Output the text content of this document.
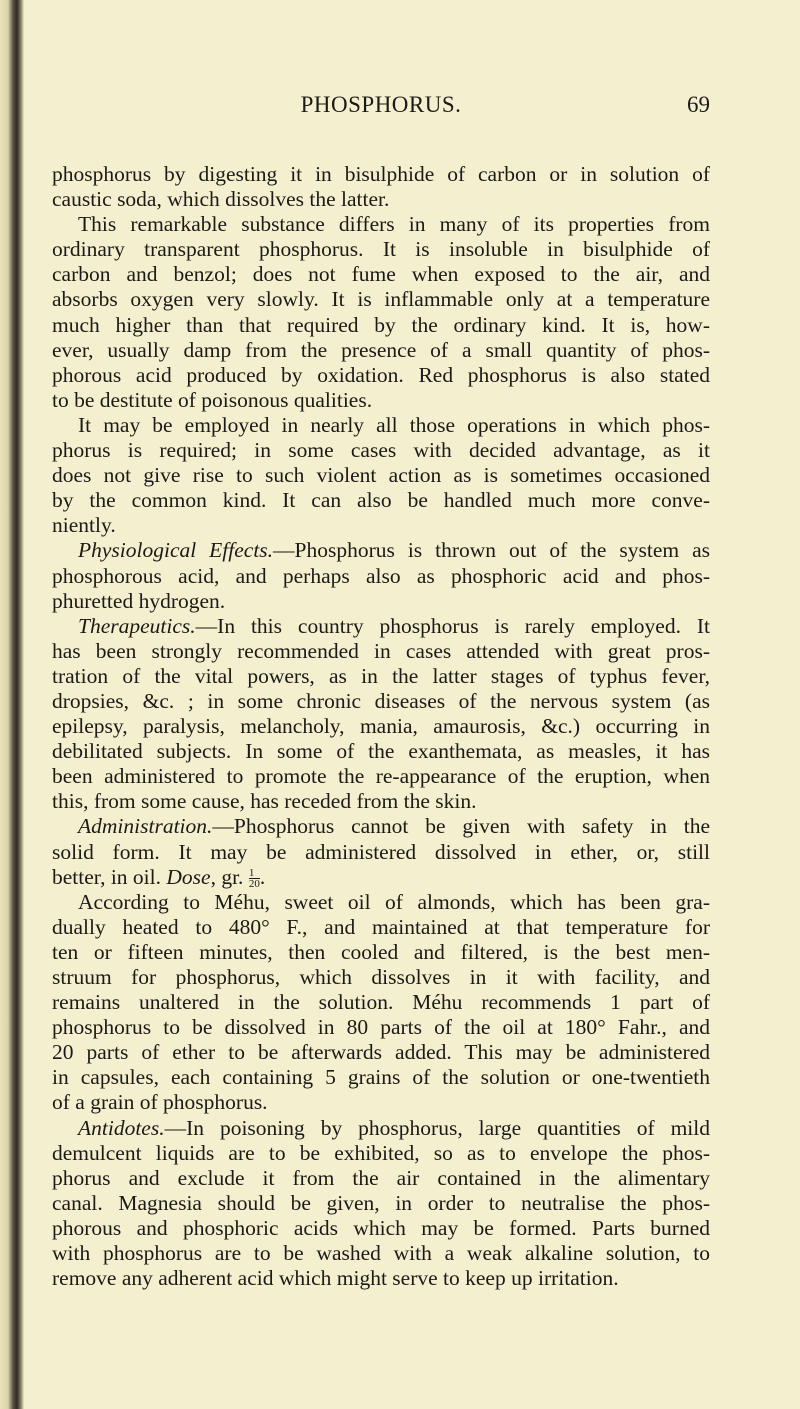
PHOSPHORUS.	69
phosphorus by digesting it in bisulphide of carbon or in solution of
caustic soda, which dissolves the latter.
This remarkable substance differs in many of its properties from
ordinary transparent phosphorus. It is insoluble in bisulphide of
carbon and benzol; does not fume when exposed to the air, and
absorbs oxygen very slowly. It is inflammable only at a temperature
much higher than that required by the ordinary kind. It is, how-
ever, usually damp from the presence of a small quantity of phos-
phorous acid produced by oxidation. Red phosphorus is also stated
to be destitute of poisonous qualities.
It may be employed in nearly all those operations in which phos-
phorus is required; in some cases with decided advantage, as it
does not give rise to such violent action as is sometimes occasioned
by the common kind. It can also be handled much more conve-
niently.
Physiological Effects.—Phosphorus is thrown out of the system as
phosphorous acid, and perhaps also as phosphoric acid and phos-
phuretted hydrogen.
Therapeutics.—In this country phosphorus is rarely employed. It
has been strongly recommended in cases attended with great pros-
tration of the vital powers, as in the latter stages of typhus fever,
dropsies, &c. ; in some chronic diseases of the nervous system (as
epilepsy, paralysis, melancholy, mania, amaurosis, &c.) occurring in
debilitated subjects. In some of the exanthemata, as measles, it has
been administered to promote the re-appearance of the eruption, when
this, from some cause, has receded from the skin.
Administration.—Phosphorus cannot be given with safety in the
solid form. It may be administered dissolved in ether, or, still
better, in oil. Dose, gr. $\frac{1}{20}$ .
According to Méhu, sweet oil of almonds, which has been gra-
dually heated to 480° F., and maintained at that temperature for
ten or fifteen minutes, then cooled and filtered, is the best men-
struum for phosphorus, which dissolves in it with facility, and
remains unaltered in the solution. Méhu recommends 1 part of
phosphorus to be dissolved in 80 parts of the oil at 180° Fahr., and
20 parts of ether to be afterwards added. This may be administered
in capsules, each containing 5 grains of the solution or one-twentieth
of a grain of phosphorus.
Antidotes.—In poisoning by phosphorus, large quantities of mild
demulcent liquids are to be exhibited, so as to envelope the phos-
phorus and exclude it from the air contained in the alimentary
canal. Magnesia should be given, in order to neutralise the phos-
phorous and phosphoric acids which may be formed. Parts burned
with phosphorus are to be washed with a weak alkaline solution, to
remove any adherent acid which might serve to keep up irritation.
